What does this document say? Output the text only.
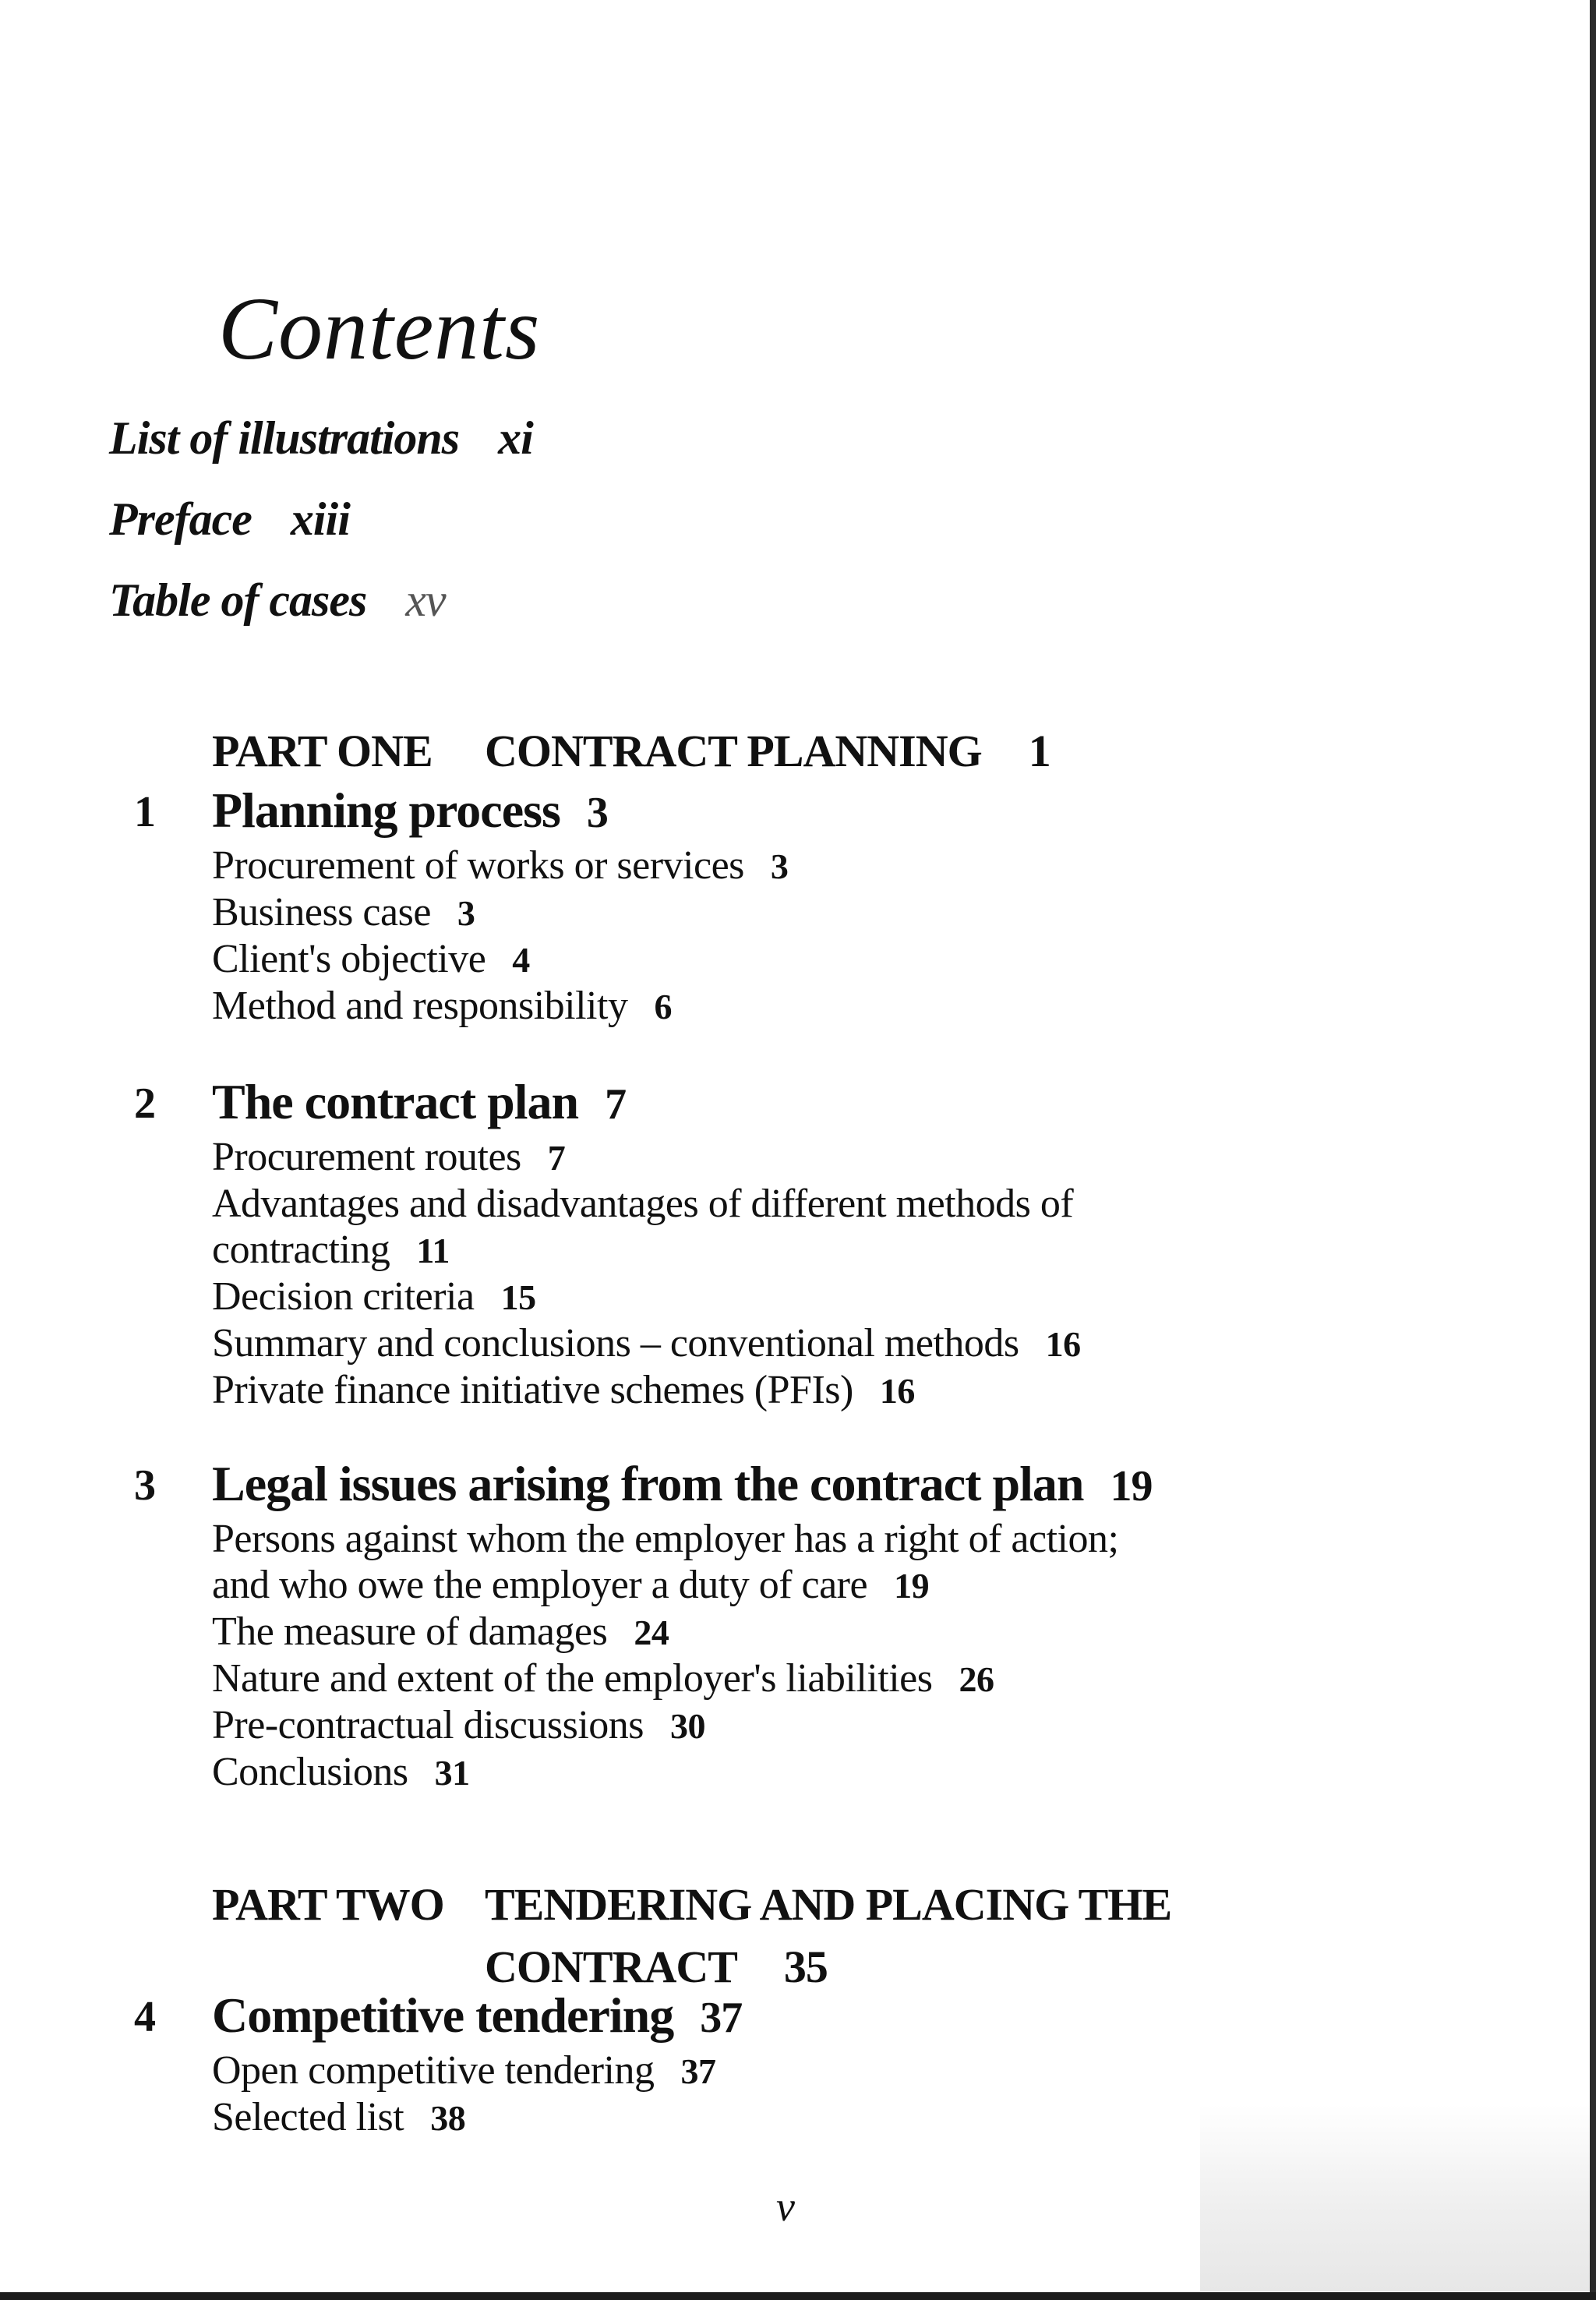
Contents
List of illustrations xi
Preface xiii
Table of cases xv
PART ONE CONTRACT PLANNING 1
1 Planning process 3
Procurement of works or services 3
Business case 3
Client's objective 4
Method and responsibility 6
2 The contract plan 7
Procurement routes 7
Advantages and disadvantages of different methods of
contracting 11
Decision criteria 15
Summary and conclusions – conventional methods 16
Private finance initiative schemes (PFIs) 16
3 Legal issues arising from the contract plan 19
Persons against whom the employer has a right of action;
and who owe the employer a duty of care 19
The measure of damages 24
Nature and extent of the employer's liabilities 26
Pre-contractual discussions 30
Conclusions 31
PART TWO TENDERING AND PLACING THE
CONTRACT 35
4 Competitive tendering 37
Open competitive tendering 37
Selected list 38
v
